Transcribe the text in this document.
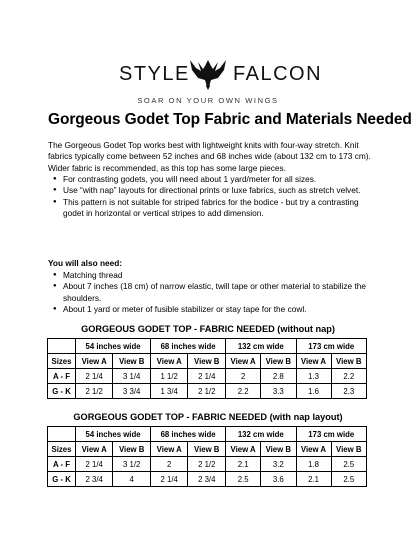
STYLE FALCON
SOAR ON YOUR OWN WINGS
Gorgeous Godet Top Fabric and Materials Needed

The Gorgeous Godet Top works best with lightweight knits with four-way stretch. Knit fabrics typically come between 52 inches and 68 inches wide (about 132 cm to 173 cm). Wider fabric is recommended, as this top has some large pieces.

● For contrasting godets, you will need about 1 yard/meter for all sizes.
● Use “with nap” layouts for directional prints or luxe fabrics, such as stretch velvet.
● This pattern is not suitable for striped fabrics for the bodice - but try a contrasting godet in horizontal or vertical stripes to add dimension.

You will also need:

● Matching thread
● About 7 inches (18 cm) of narrow elastic, twill tape or other material to stabilize the shoulders.
● About 1 yard or meter of fusible stabilizer or stay tape for the cowl.
GORGEOUS GODET TOP - FABRIC NEEDED (without nap)
	54 inches wide		68 inches wide		132 cm wide		173 cm wide	
Sizes	View A	View B	View A	View B	View A	View B	View A	View B
A - F	2 1/4	3 1/4	1 1/2	2 1/4	2	2.8	1.3	2.2
G - K	2 1/2	3 3/4	1 3/4	2 1/2	2.2	3.3	1.6	2.3
GORGEOUS GODET TOP - FABRIC NEEDED (with nap layout)
	54 inches wide		68 inches wide		132 cm wide		173 cm wide	
Sizes	View A	View B	View A	View B	View A	View B	View A	View B
A - F	2 1/4	3 1/2	2	2 1/2	2.1	3.2	1.8	2.5
G - K	2 3/4	4	2 1/4	2 3/4	2.5	3.6	2.1	2.5
